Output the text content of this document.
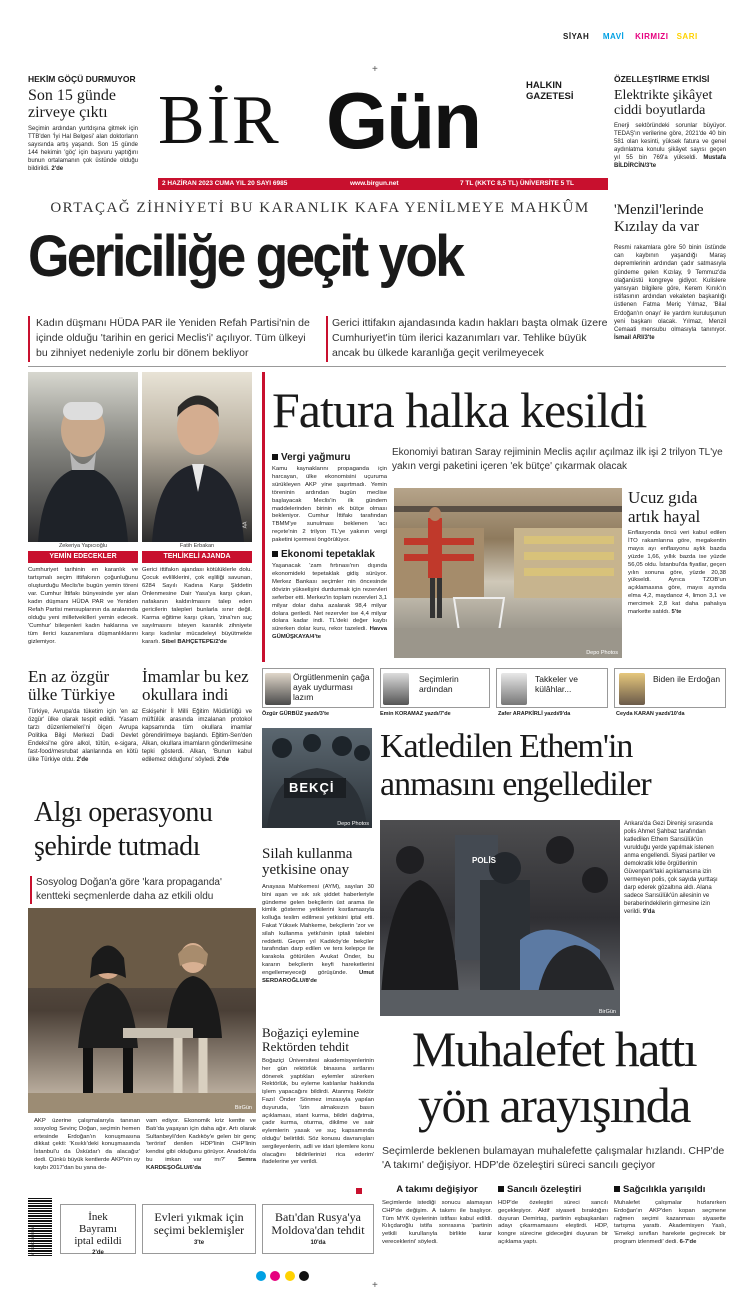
SİYAH MAVİ KIRMIZI SARI
+
HEKİM GÖÇÜ DURMUYOR
Son 15 günde zirveye çıktı
Seçimin ardından yurtdışına gitmek için TTB'den 'İyi Hal Belgesi' alan doktorların sayısında artış yaşandı. Son 15 günde 144 hekimin 'göç' için başvuru yaptığını bunun ortalamanın çok üstünde olduğu bildirildi. 2'de
BİR Gün	HALKIN GAZETESİ
2 HAZİRAN 2023 CUMA YIL 20 SAYI 6985	www.birgun.net	7 TL (KKTC 8,5 TL) ÜNİVERSİTE 5 TL
ÖZELLEŞTİRME ETKİSİ
Elektrikte şikâyet ciddi boyutlarda
Enerji sektöründeki sorunlar büyüyor. TEDAŞ'ın verilerine göre, 2021'de 40 bin 581 olan kesinti, yüksek fatura ve genel aydınlatma konulu şikâyet sayısı geçen yıl 55 bin 769'a yükseldi. Mustafa BİLDİRCİN/3'te
ORTAÇAĞ ZİHNİYETİ BU KARANLIK KAFA YENİLMEYE MAHKÛM
Gericiliğe geçit yok
Kadın düşmanı HÜDA PAR ile Yeniden Refah Partisi'nin de içinde olduğu 'tarihin en gerici Meclis'i' açılıyor. Tüm ülkeyi bu zihniyet nedeniyle zorlu bir dönem bekliyor
Gerici ittifakın ajandasında kadın hakları başta olmak üzere Cumhuriyet'in tüm ilerici kazanımları var. Tehlike büyük ancak bu ülkede karanlığa geçit verilmeyecek
'Menzil'lerinde Kızılay da var
Resmi rakamlara göre 50 binin üstünde can kaybının yaşandığı Maraş depremlerinin ardından çadır satmasıyla gündeme gelen Kızılay, 9 Temmuz'da olağanüstü kongreye gidiyor. Kulislere yansıyan bilgilere göre, Kerem Kınık'ın istifasının ardından vekaleten başkanlığı üstlenen Fatma Meriç Yılmaz, 'Bilal Erdoğan'ın onayı' ile yardım kuruluşunun yeni başkanı olacak. Yılmaz, Menzil Cemaati mensubu olmasıyla tanınıyor. İsmail ARI/3'te
AA
Zekeriya Yapıcıoğlu	Fatih Erbakan
YEMİN EDECEKLER	TEHLİKELİ AJANDA
Cumhuriyet tarihinin en karanlık ve tartışmalı seçim ittifakının çoğunluğunu oluşturduğu Meclis'te bugün yemin töreni var. Cumhur İttifakı bünyesinde yer alan kadın düşmanı HÜDA PAR ve Yeniden Refah Partisi mensuplarının da aralarında olduğu yeni milletvekilleri yemin edecek. 'Cumhur' bileşenleri kadın haklarına ve tüm ilerici kazanımlara düşmanlıklarını gizlemiyor.
Gerici ittifakın ajandası kötülüklerle dolu. Çocuk evliliklerini, çok eşliliği savunan, 6284 Sayılı Kadına Karşı Şiddetin Önlenmesine Dair Yasa'ya karşı çıkan, nafakanın kaldırılmasını talep eden gericilerin talepleri bunlarla sınır değil. Karma eğitime karşı çıkan, 'zina'nın suç sayılmasını isteyen karanlık zihniyete karşı kadınlar mücadeleyi büyütmekte kararlı. Sibel BAHÇETEPE/2'de
Fatura halka kesildi
Ekonomiyi batıran Saray rejiminin Meclis açılır açılmaz ilk işi 2 trilyon TL'ye yakın vergi paketini içeren 'ek bütçe' çıkarmak olacak
Vergi yağmuru
Kamu kaynaklarını propaganda için harcayan, ülke ekonomisini uçuruma sürükleyen AKP yine şaşırtmadı. Yemin töreninin ardından bugün meclise başlayacak Meclis'in ilk gündem maddelerinden birinin ek bütçe olması bekleniyor. Cumhur İttifakı tarafından TBMM'ye sunulması beklenen 'acı reçete'nin 2 trilyon TL'ye yakının vergi paketini içermesi öngörülüyor.
Ekonomi tepetaklak
Yaşanacak 'zam fırtınası'nın dışında ekonomideki tepetaklak gidiş sürüyor. Merkez Bankası seçimler nin öncesinde dövizin yükselişini durdurmak için rezervleri seferber etti. Merkez'in toplam rezervleri 3,1 milyar dolar daha azalarak 98,4 milyar dolara geriledi. Net rezervler ise 4,4 milyar dolara kadar indi. TL'deki değer kaybı sürerken dolar kuru, rekor tazeledi. Havva GÜMÜŞKAYA/4'te
Depo Photos
Ucuz gıda artık hayal
Enflasyonda öncü veri kabul edilen İTO rakamlarına göre, megakentin mayıs ayı enflasyonu aylık bazda yüzde 1,66, yıllık bazda ise yüzde 56,05 oldu. İstanbul'da fiyatlar, geçen yılın sonuna göre, yüzde 20,38 yükseldi. Ayrıca TZOB'un açıklamasına göre, mayıs ayında elma 4,2, maydanoz 4, limon 3,1 ve mercimek 2,8 kat daha pahalıya markette satıldı. 5'te
En az özgür ülke Türkiye
Türkiye, Avrupa'da tüketim için 'en az özgür' ülke olarak tespit edildi. 'Yasam tarzı düzenlemeleri'ni ölçen Avrupa Politika Bilgi Merkezi Dadi Devlet Endeksi'ne göre alkol, tütün, e-sigara, fast-food/mesrubat alanlarında en kötü ülke Türkiye oldu. 2'de
İmamlar bu kez okullara indi
Eskişehir İl Milli Eğitim Müdürlüğü ve müftülük arasında imzalanan protokol kapsamında tüm okullara imamlar görendirilmeye başlandı. Eğitim-Sen'den Alkan, okullara imamların gönderilmesine tepki gösterdi. Alkan, 'Bunun kabul edilemez olduğunu' söyledi. 2'de
Örgütlenmenin çağa ayak uydurması lazım
Seçimlerin ardından
Takkeler ve külâhlar...
Biden ile Erdoğan
Özgür GÜRBÜZ yazdı/3'te	Emin KORAMAZ yazdı/7'de	Zafer ARAPKİRLİ yazdı/9'da	Ceyda KARAN yazdı/10'da
Algı operasyonu şehirde tutmadı
Sosyolog Doğan'a göre 'kara propaganda' kentteki seçmenlerde daha az etkili oldu
BirGün
AKP üzerine çalışmalarıyla tanınan sosyolog Sevinç Doğan, seçimin hemen ertesinde Erdoğan'ın konuşmasına dikkat çekti: 'Kısıklı'deki konuşmasında İstanbul'u da Üsküdar'ı da alacağız' dedi. Çünkü büyük kentlerde AKP'nin oy kaybı 2017'dan bu yana de-
vam ediyor. Ekonomik kriz kentte ve Batı'da yaşayan için daha ağır. Artı olarak Sultanbeyli'den Kadıköy'e gelen bir genç 'terörist' denilen HDP'linin CHP'linin kendisi gibi olduğunu görüyor. Anadolu'da bu imkan var mı?' Semra KARDEŞOĞLU/6'da
BEKÇİ
Depo Photos
Silah kullanma yetkisine onay
Anayasa Mahkemesi (AYM), sayıları 30 bini aşan ve sık sık şiddet haberleriyle gündeme gelen bekçilerin üst arama ile kimlik gösterme yetkilerini kısıtlamasıyla kolluğa teslim edilmesi yetkisini iptal etti. Fakat Yüksek Mahkeme, bekçilerin 'zor ve silah kullanma yetki'sinin iptali talebini reddetti. Geçen yıl Kadıköy'de bekçiler tarafından darp edilen ve ters kelepçe ile karakola götürülen Avukat Önder, bu kararın bekçilerin keyfi hareketlerini engellemeyeceği görüşünde. Umut SERDAROĞLU/8'de
Boğaziçi eylemine Rektörden tehdit
Boğaziçi Üniversitesi akademisyenlerinin her gün rektörlük binasına sırtlarını dönerek yaptıkları eylemler sürerken Rektörlük, bu eyleme katılanlar hakkında işlem yapacağını bildirdi. Atanmış Rektör Fazıl Önder Sönmez imzasıyla yapılan duyuruda, 'İzin almaksızın basın açıklaması, stant kurma, bildiri dağıtma, çadır kurma, oturma, dikilme ve sair eylemlerin yasak ve suç kapsamında olduğu' belirtildi. Söz konusu davranışları sergileyenlerin, adli ve idari işlemlere konu olacağını bildirilerinizi rica ederim' ifadelerine yer verildi.
Katledilen Ethem'in anmasını engellediler
POLİS
BirGün
Ankara'da Gezi Direnişi sırasında polis Ahmet Şahbaz tarafından katledilen Ethem Sarısülük'ün vurulduğu yerde yapılmak istenen anma engellendi. Siyasi partiler ve demokratik kitle örgütlerinin Güvenpark'taki açıklamasına izin vermeyen polis, çok sayıda yurttaşı darp ederek gözaltına aldı. Alana sadece Sarısülük'ün ailesinin ve beraberindekilerin girmesine izin verildi. 9'da
Muhalefet hattı
yön arayışında
Seçimlerde beklenen bulamayan muhalefette çalışmalar hızlandı. CHP'de 'A takımı' değişiyor. HDP'de özeleştiri süreci sancılı geçiyor
A takımı değişiyor
Seçimlerde istediği sonucu alamayan CHP'de değişim. A takımı ile başlıyor. Tüm MYK üyelerinin istifası kabul edildi. Kılıçdaroğlu istifa sonrasına 'partinin yetkili kurullarıyla birlikte karar vereceklerini' söyledi.
Sancılı özeleştiri
HDP'de özeleştiri süreci sancılı geçekleşiyor. Aktif siyaseti bıraktığını duyuran Demirtaş, partinin eşbaşkanları adayı çıkarmamasını eleştirdi. HDP, kongre sürecine gideceğini duyuran bir açıklama yaptı.
Sağcılıkla yarışıldı
Muhalefet çalışmalar hızlanırken Erdoğan'ın AKP'den kopan seçmene rağmen seçimi kazanması siyasette tartışma yarattı. Akademisyen Yaslı, 'Emekçi sınıflan harekete geçirecek bir program izlenmedi' dedi. 6-7'de
9 771304 826002
İnek Bayramı iptal edildi
2'de
Evleri yıkmak için seçimi beklemişler
3'te
Batı'dan Rusya'ya Moldova'dan tehdit
10'da

+
